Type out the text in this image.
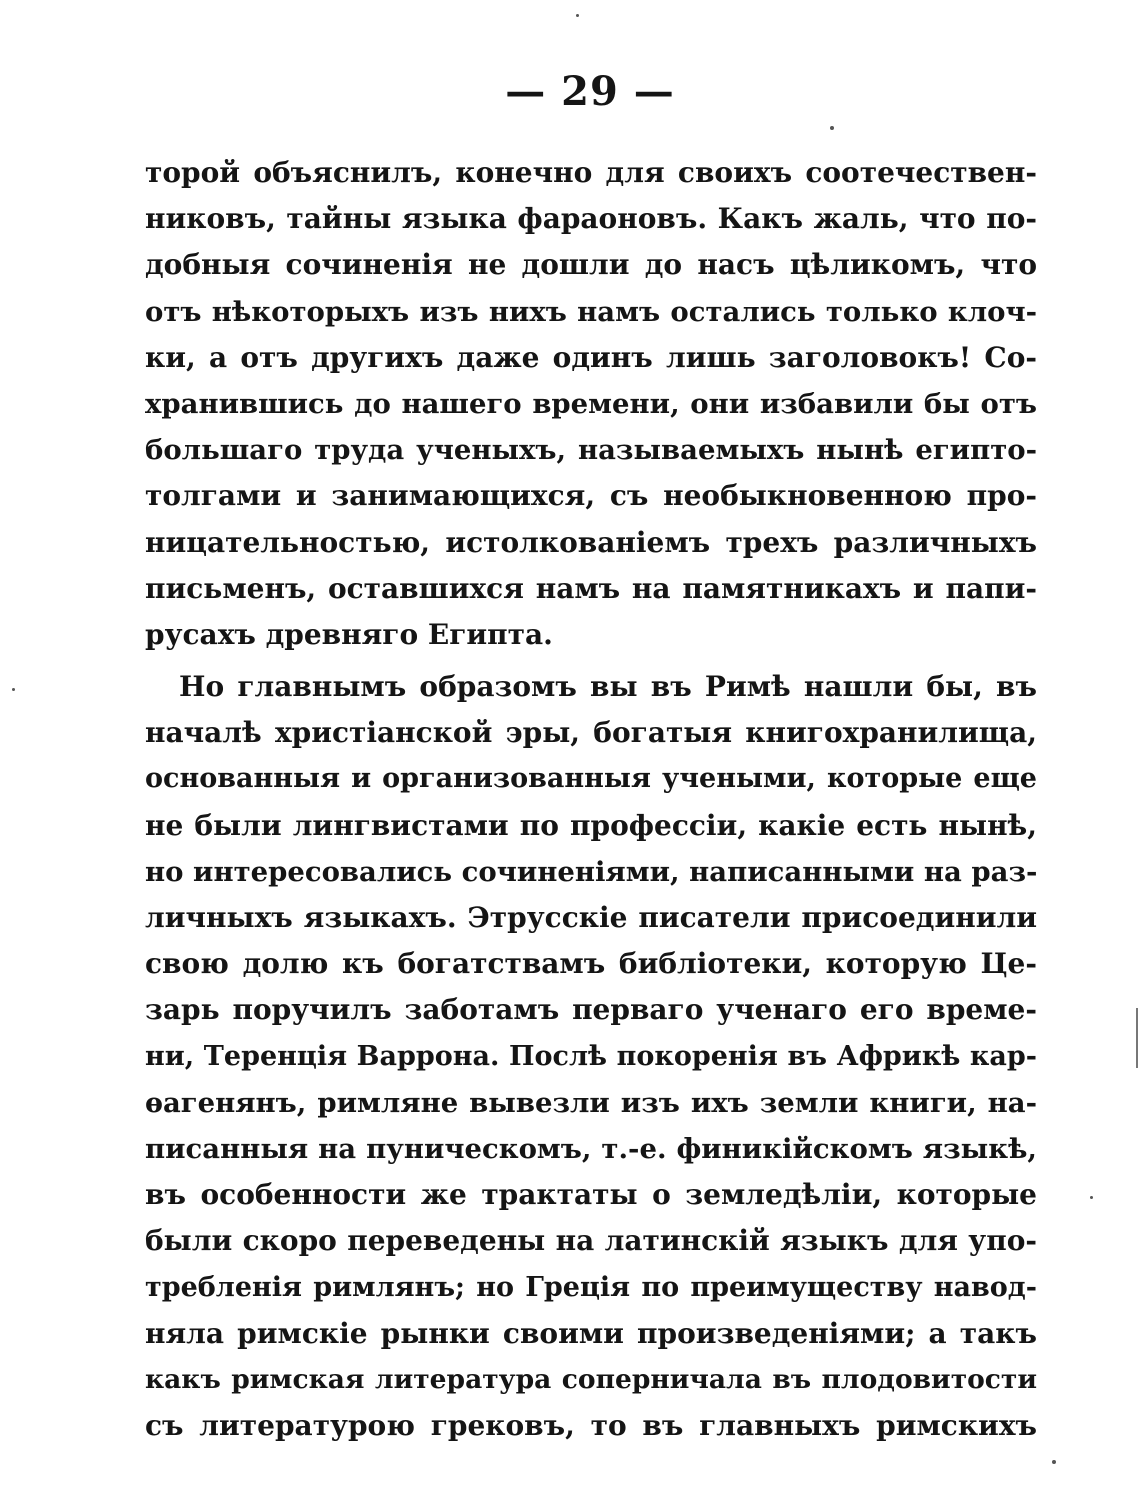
— 29 —
торой объяснилъ, конечно для своихъ соотечествен-
никовъ, тайны языка фараоновъ. Какъ жаль, что по-
добныя сочиненія не дошли до насъ цѣликомъ, что
отъ нѣкоторыхъ изъ нихъ намъ остались только клоч-
ки, а отъ другихъ даже одинъ лишь заголовокъ! Со-
хранившись до нашего времени, они избавили бы отъ
большаго труда ученыхъ, называемыхъ нынѣ египто-
толгами и занимающихся, съ необыкновенною про-
ницательностью, истолкованіемъ трехъ различныхъ
письменъ, оставшихся намъ на памятникахъ и папи-
русахъ древняго Египта.
Но главнымъ образомъ вы въ Римѣ нашли бы, въ
началѣ христіанской эры, богатыя книгохранилища,
основанныя и организованныя учеными, которые еще
не были лингвистами по профессіи, какіе есть нынѣ,
но интересовались сочиненіями, написанными на раз-
личныхъ языкахъ. Этрусскіе писатели присоединили
свою долю къ богатствамъ библіотеки, которую Це-
зарь поручилъ заботамъ перваго ученаго его време-
ни, Теренція Варрона. Послѣ покоренія въ Африкѣ кар-
ѳагенянъ, римляне вывезли изъ ихъ земли книги, на-
писанныя на пуническомъ, т.-е. финикійскомъ языкѣ,
въ особенности же трактаты о земледѣліи, которые
были скоро переведены на латинскій языкъ для упо-
требленія римлянъ; но Греція по преимуществу навод-
няла римскіе рынки своими произведеніями; а такъ
какъ римская литература соперничала въ плодовитости
съ литературою грековъ, то въ главныхъ римскихъ
